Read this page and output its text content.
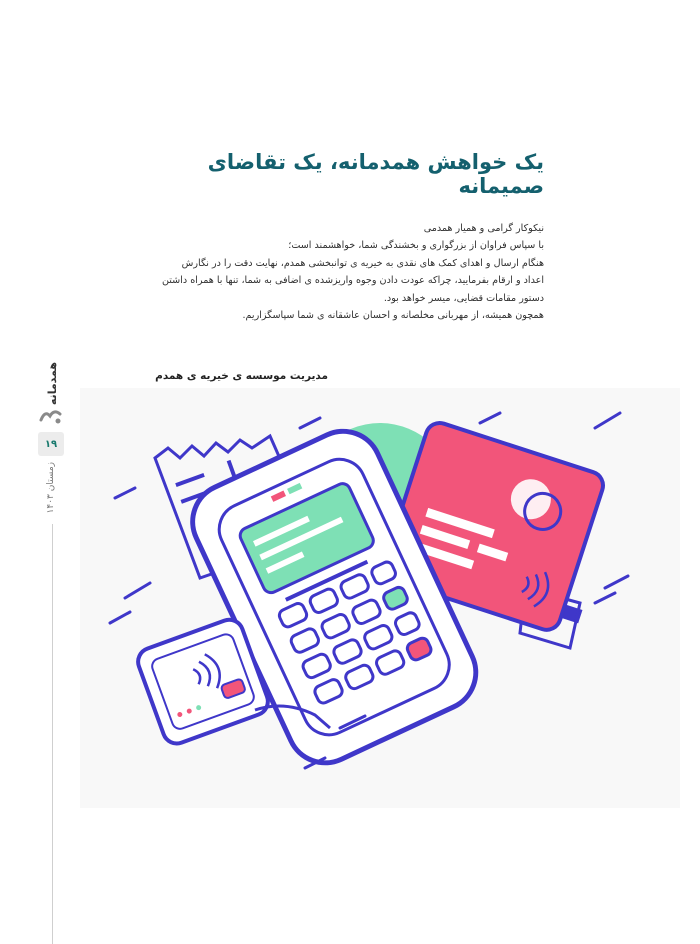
یک خواهش همدمانه، یک تقاضای صمیمانه

نیکوکار گرامی و همیار همدمی

با سپاس فراوان از بزرگواری و بخشندگی شما، خواهشمند است؛

هنگام ارسال و اهدای کمک های نقدی به خیریه ی توانبخشی همدم، نهایت دقت را در نگارش

اعداد و ارقام بفرمایید، چراکه عودت دادن وجوه واریزشده ی اضافی به شما، تنها با همراه داشتن

دستور مقامات قضایی، میسر خواهد بود.

همچون همیشه، از مهربانی مخلصانه و احسان عاشقانه ی شما سپاسگزاریم.

مدیریت موسسه ی خیریه ی همدم
همدمانه
۱۹
زمستان ۱۴۰۳
